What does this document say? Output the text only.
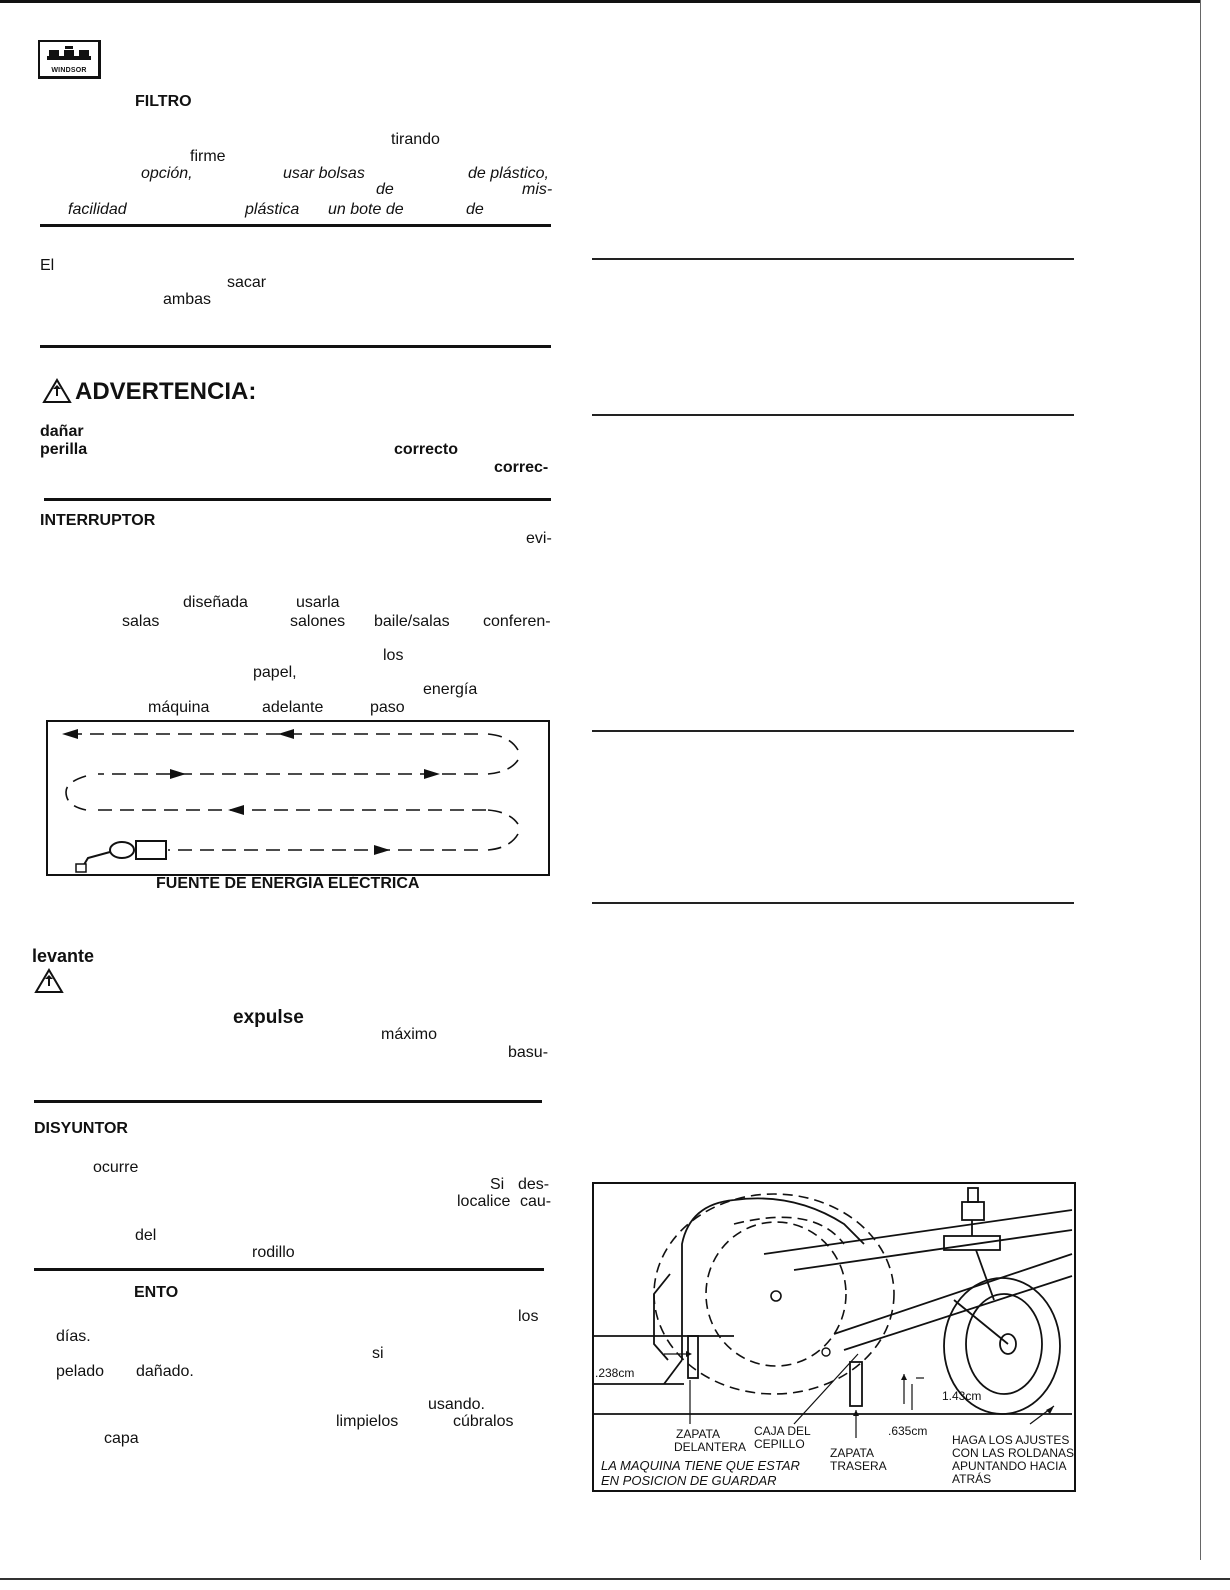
WINDSOR
FILTRO
tirando
firme
opción,	usar bolsas	de plástico,
de	mis-
facilidad	plástica un bote de	de
El
sacar
ambas
ADVERTENCIA:
dañar
perilla	correcto
correc-
INTERRUPTOR
evi-
diseñada	usarla
salas	salones baile/salas conferen-
los
papel,
energía
máquina	adelante	paso
FUENTE DE ENERGÍA ELÉCTRICA
levante
expulse
máximo
basu-
DISYUNTOR
ocurre
Si des-
localice cau-
del
rodillo
ENTO
los
días.
si
pelado dañado.
usando.
limpielos	cúbralos
capa
.238cm
1.43cm
.635cm
ZAPATA
DELANTERA
CAJA DEL
CEPILLO
ZAPATA
TRASERA
HAGA LOS AJUSTES
CON LAS ROLDANAS
APUNTANDO HACIA
ATRÁS
LA MAQUINA TIENE QUE ESTAR
EN POSICION DE GUARDAR
